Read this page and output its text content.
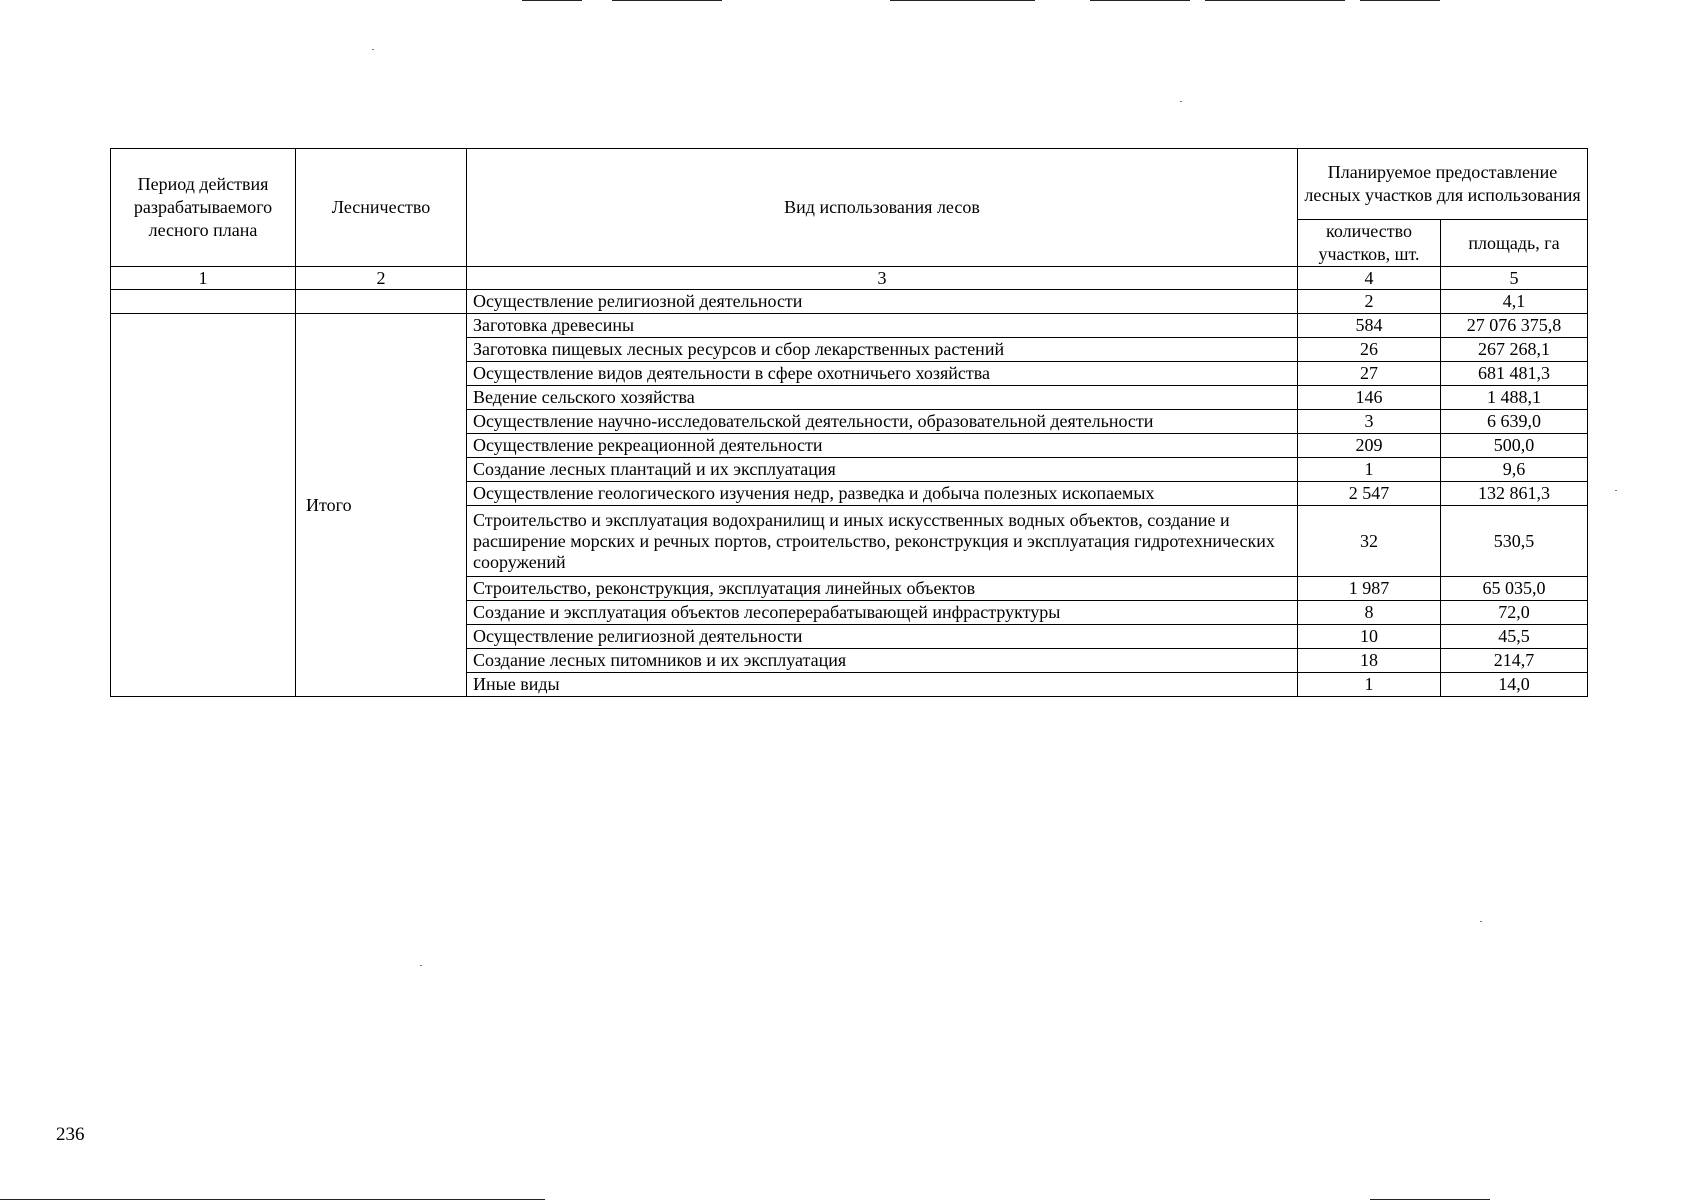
Период действия разрабатываемого лесного плана	Лесничество	Вид использования лесов	Планируемое предоставление лесных участков для использования	
			количество участков, шт.	площадь, га
1	2	3	4	5
		Осуществление религиозной деятельности	2	4,1
	Итого	Заготовка древесины	584	27 076 375,8
		Заготовка пищевых лесных ресурсов и сбор лекарственных растений	26	267 268,1
		Осуществление видов деятельности в сфере охотничьего хозяйства	27	681 481,3
		Ведение сельского хозяйства	146	1 488,1
		Осуществление научно-исследовательской деятельности, образовательной деятельности	3	6 639,0
		Осуществление рекреационной деятельности	209	500,0
		Создание лесных плантаций и их эксплуатация	1	9,6
		Осуществление геологического изучения недр, разведка и добыча полезных ископаемых	2 547	132 861,3
		Строительство и эксплуатация водохранилищ и иных искусственных водных объектов, создание и расширение морских и речных портов, строительство, реконструкция и эксплуатация гидротехнических сооружений	32	530,5
		Строительство, реконструкция, эксплуатация линейных объектов	1 987	65 035,0
		Создание и эксплуатация объектов лесоперерабатывающей инфраструктуры	8	72,0
		Осуществление религиозной деятельности	10	45,5
		Создание лесных питомников и их эксплуатация	18	214,7
		Иные виды	1	14,0
236
